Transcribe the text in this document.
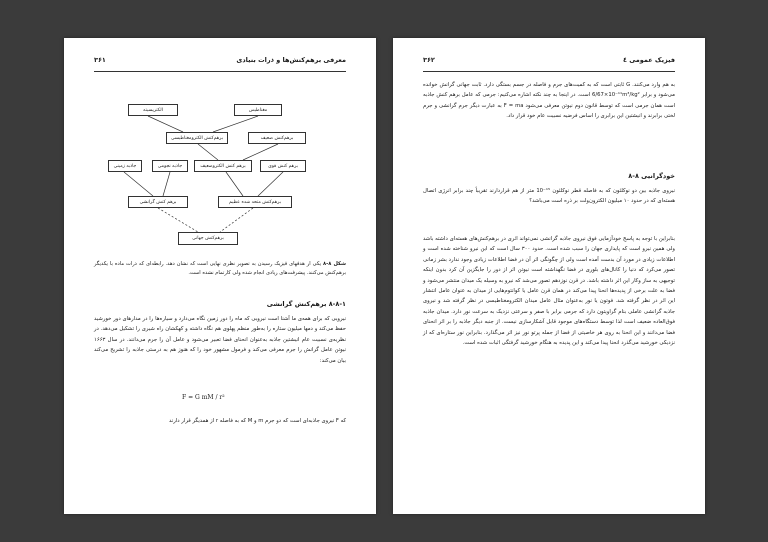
معرفی برهم‌کنش‌ها و ذرات بنیادی
۳۶۱
الکتریسیته	مغناطیس
برهم‌کنش الکترومغناطیسی	برهم‌کنش ضعیف
جاذبه زمینی	جاذبه نجومی	برهم کنش الکتروضعیف	برهم کنش قوی
برهم کنش گرانشی	برهم‌کنش متحد شده عظیم
برهم‌کنش جهانی
شکل ۸-۸ یکی از هدفهای فیزیک رسیدن به تصویر نظری نهایی است که نشان دهد. رابطه‌ای که ذرات ماده با یکدیگر برهم‌کنش می‌کنند. پیشرفت‌های زیادی انجام شده ولی کارتمام نشده است.
۸-۸-۱ برهم‌کنش گرانشی
نیرویی که برای همه‌ی ما آشنا است نیرویی که ماه را دور زمین نگاه می‌دارد و سیاره‌ها را در مدارهای دور خورشید حفظ می‌کند و دمها میلیون ستاره را به‌طور منظم پهلوی هم نگاه داشته و کهکشان راه شیری را تشکیل می‌دهد. در نظریه‌ی نسبیت عام انیشتین جاذبه به‌عنوان انحنای فضا تعبیر می‌شود و عامل آن را جرم می‌دانند. در سال ۱۶۶۳ نیوتن عامل گرانش را جرم معرفی می‌کند و فرمول مشهور خود را که هنوز هم به درستی جاذبه را تشریح می‌کند بیان می‌کند:
F = G mM / r²
که F نیروی جاذبه‌ای است که دو جرم m و M که به فاصله r از همدیگر قرار دارند
فیزیک عمومی ٤
۳۶۲
به هم وارد می‌کنند. G ثابتی است که به کمیت‌های جرم و فاصله در جسم بستگی دارد. ثابت جهانی گرانش خوانده می‌شود و برابر ‎6/67×10⁻¹¹m³/kg²‎ است. در اینجا به چند نکته اشاره می‌کنیم: جرمی که عامل برهم کنش جاذبه است همان جرمی است که توسط قانون دوم نیوتن معرفی می‌شود F = ma به عبارت دیگر جرم گرانشی و جرم لختی برابرند و انیشتین این برابری را اساس فرضیه نسبیت عام خود قرار داد.
خودگرانیی ۸-۸
نیروی جاذبه بین دو نوکلئون که به فاصله قطر نوکلئون ‎10⁻¹⁵‎ متر از هم قراردارند تقریباً چند برابر انرژی اتصال هسته‌ای که در حدود ۱۰ میلیون الکترون‌ولت بر ذره است می‌باشد؟
بنابراین با توجه به پاسخ خودآزمایی فوق نیروی جاذبه گرانشی نمی‌تواند اثری در برهم‌کنش‌های هسته‌ای داشته باشد ولی همین نیرو است که پایداری جهان را سبب شده است. حدود ۳۰۰ سال است که این نیرو شناخته شده است و اطلاعات زیادی در مورد آن بدست آمده است ولی از چگونگی اثر آن در فضا اطلاعات زیادی وجود ندارد بشر زمانی تصور می‌کرد که دنیا را کانال‌های بلوری در فضا نگهداشته است نیوتن اثر از دور را جایگزین آن کرد بدون اینکه توجیهی به ساز وکار این اثر داشته باشد. در قرن نوزدهم تصور می‌شد که نیرو به وسیله یک میدان منتشر می‌شود و فضا به علت برخی از پدیده‌ها انحنا پیدا می‌کند در همان قرن عامل یا کوانتوم‌هایی از میدان به عنوان عامل انتشار این اثر در نظر گرفته شد. فوتون یا نور به‌عنوان مثال عامل میدان الکترومغناطیسی در نظر گرفته شد و نیروی جاذبه گرانشی عاملی بنام گراویتون دارد که جرمی برابر با صفر و سرعتی نزدیک به سرعت نور دارد. میدان جاذبه فوق‌العاده ضعیف است لذا توسط دستگاه‌های موجود قابل آشکارسازی نیست. از جنبه دیگر جاذبه را بر اثر انحنای فضا می‌دانند و این انحنا به روی هر خاصیتی از فضا از جمله پرتو نور نیز اثر می‌گذارد. بنابراین نور ستاره‌ای که از نزدیکی خورشید می‌گذرد انحنا پیدا می‌کند و این پدیده به هنگام خورشید گرفتگی اثبات شده است.
